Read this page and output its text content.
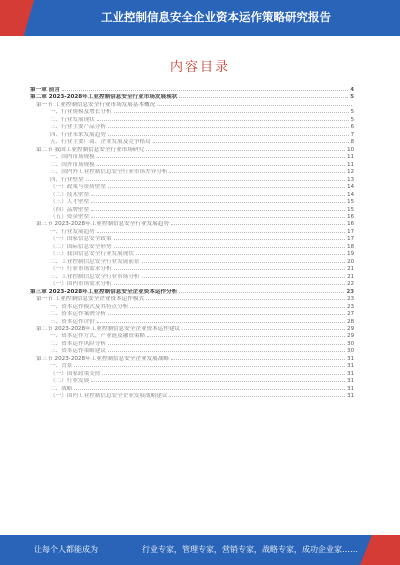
工业控制信息安全企业资本运作策略研究报告
内容目录
第一章 前言	4
第二章 2023-2028年工业控制信息安全行业市场发展现状	5
第一节 工业控制信息安全行业市场发展基本概况
一、行业规模及增长分析	5
二、行业发展现状	5
三、行业主要产品分析	6
四、行业未来发展趋势	7
五、行业主要厂商、企业发展及竞争格局	8
第二节 我国工业控制信息安全行业市场研究	10
一、国内市场规模	11
二、国外市场规模	11
三、国内外工业控制信息安全行业市场差异分析	12
四、行业壁垒	13
（一）政策与资质壁垒	14
（二）技术壁垒	14
（三）人才壁垒	15
（四）品牌壁垒	15
（五）资金壁垒	16
第三节 2023-2028年工业控制信息安全行业发展趋势	16
一、行业发展趋势	17
（一）国家信息安全政策	17
（二）国际信息安全形势	18
（三）我国信息安全行业发展现状	19
二、工业控制信息安全行业发展前景	20
（一）行业市场需求分析	21
三、工业控制信息安全行业市场分析	21
（一）国内市场需求分析	22
第三章 2023-2028年工业控制信息安全企业资本运作分析	23
第一节 工业控制信息安全企业资本运作模式	23
一、资本运作模式及其特点分析	23
二、资本运作案例分析	27
三、资本运作评价	28
第二节 2023-2028年工业控制信息安全企业资本运作建议	29
一、资本运作方式、产业链及融资策略	29
二、资本运作风险分析	30
三、资本运作策略建议	30
第三节 2023-2028年工业控制信息安全企业发展战略	31
一、背景	31
（一）国家政策支持	31
（二）行业发展	31
二、战略	31
（一）国内工业控制信息安全企业发展战略建议	31
让每个人都能成为	行业专家，管理专家，营销专家，战略专家，成功企业家……
